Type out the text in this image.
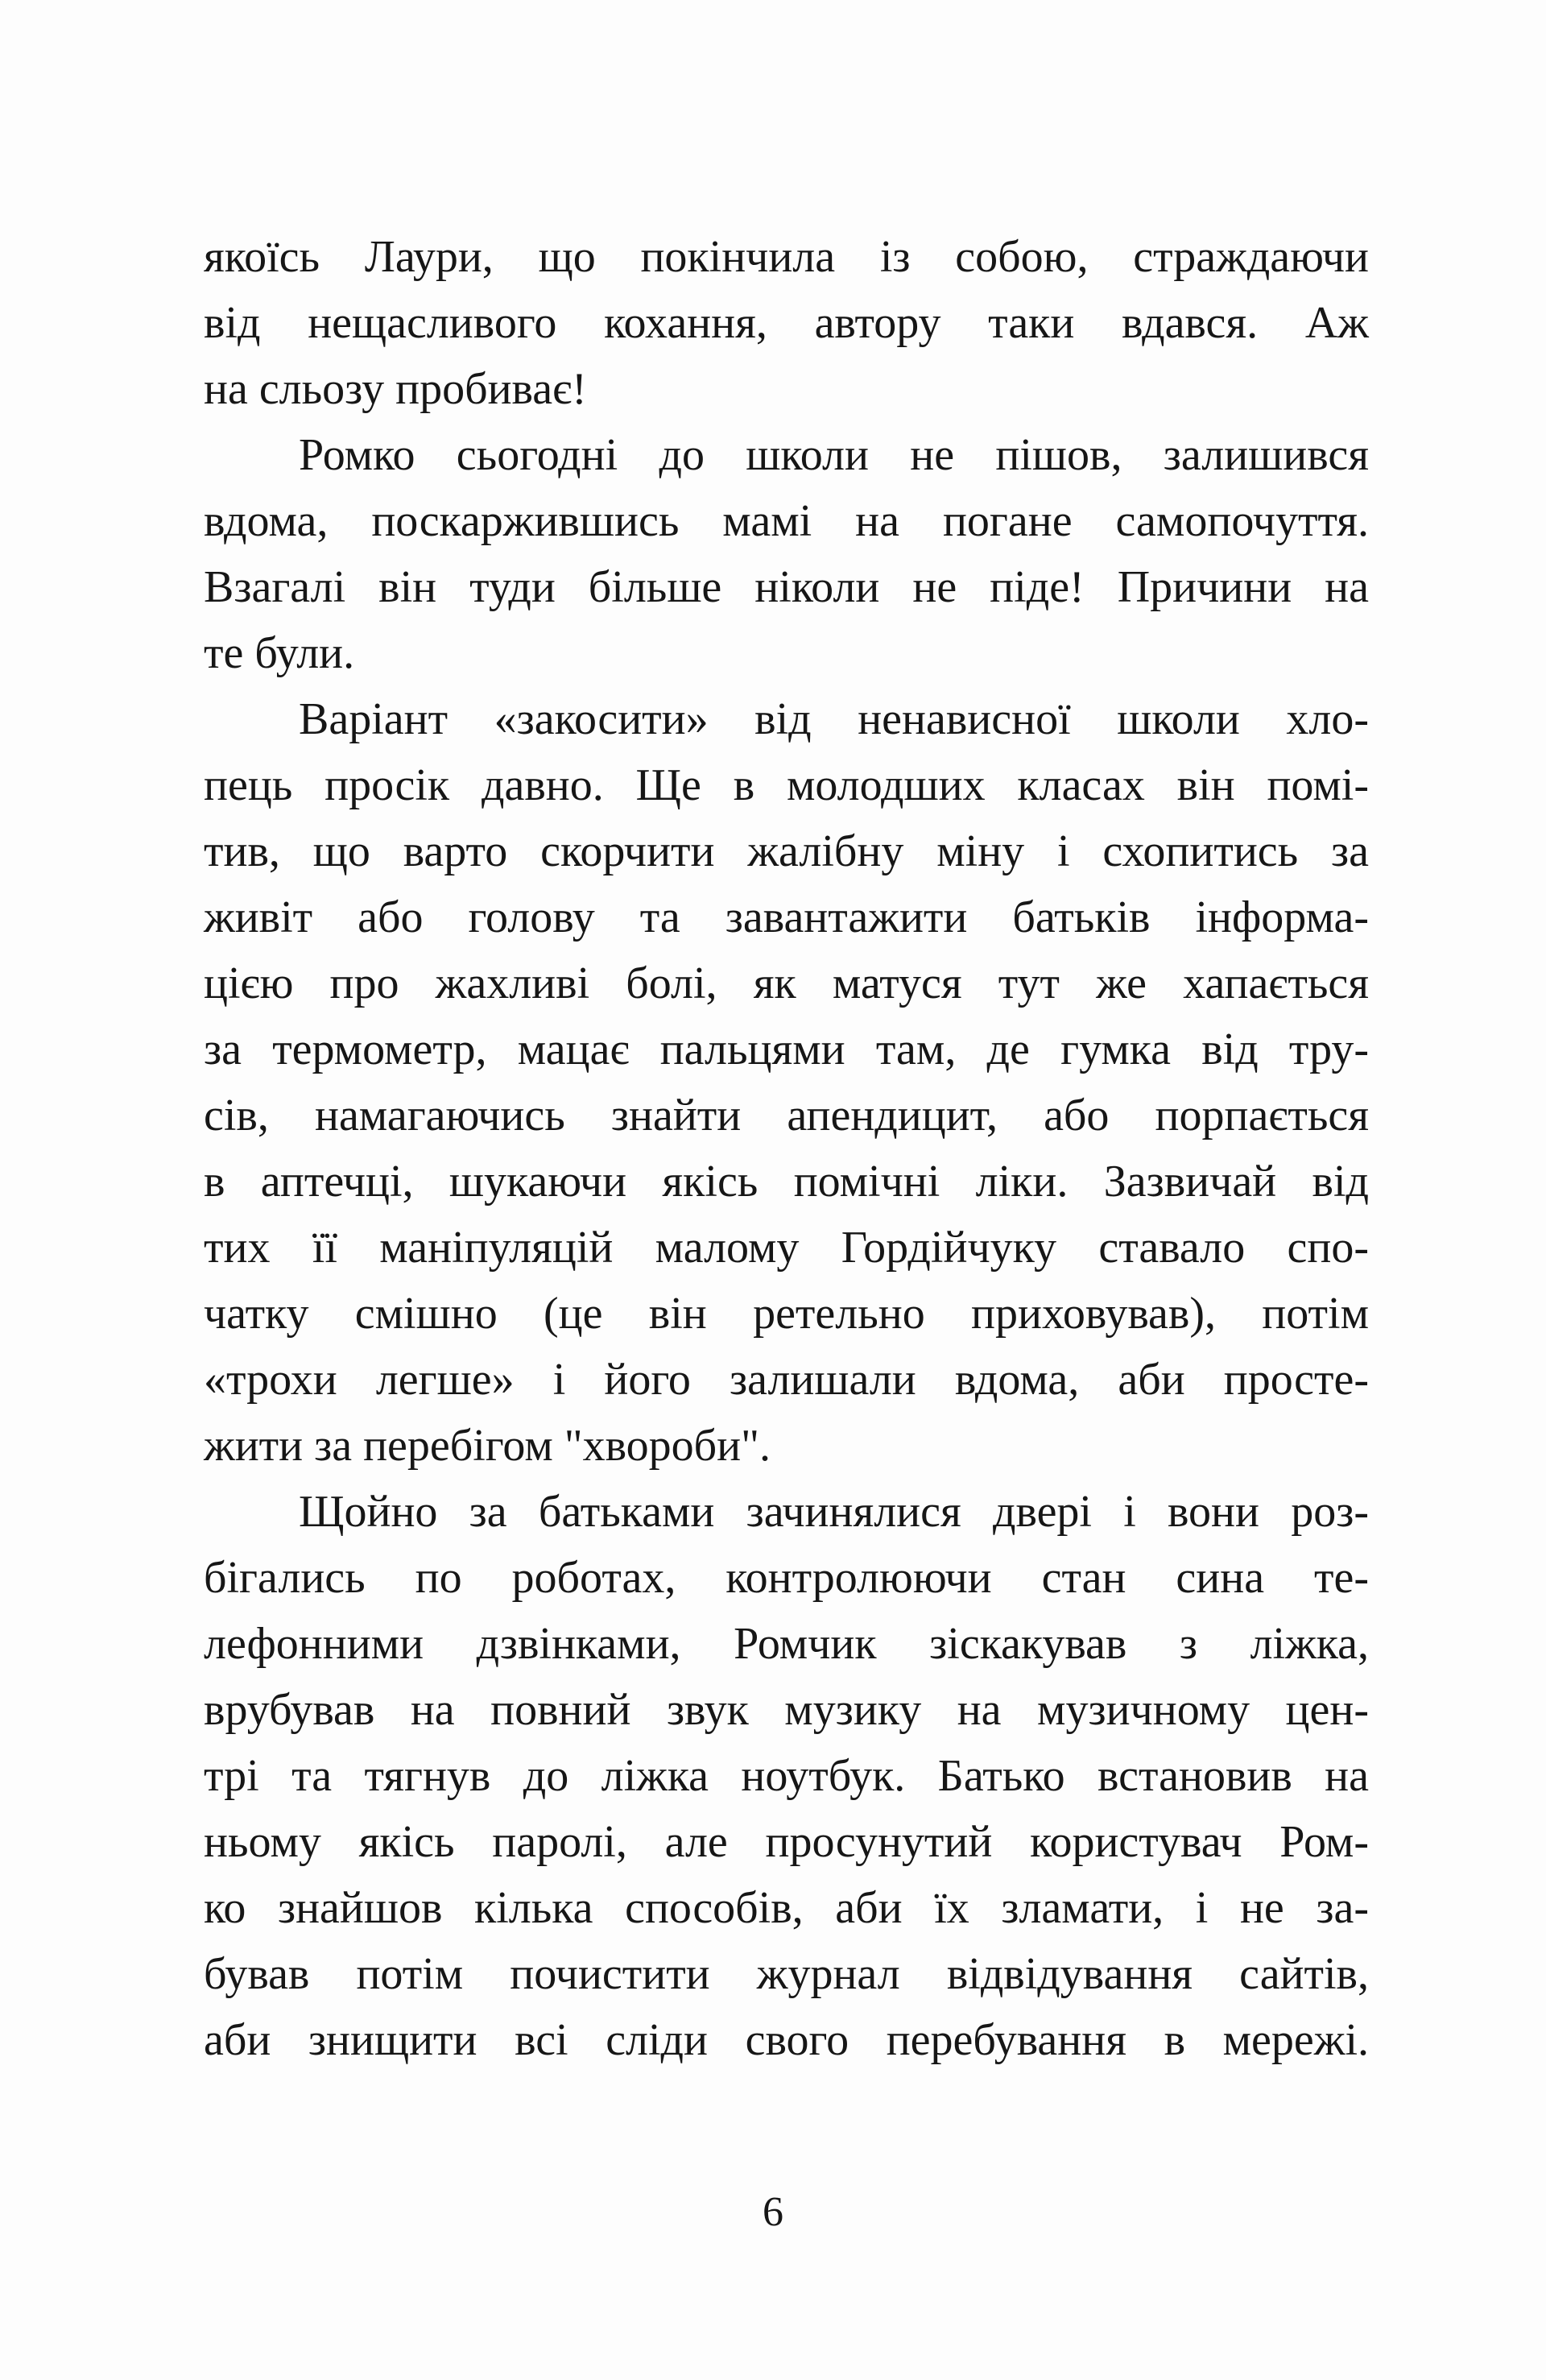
якоїсь Лаури, що покінчила із собою, страждаючи
від нещасливого кохання, автору таки вдався. Аж
на сльозу пробиває!
Ромко сьогодні до школи не пішов, залишився
вдома, поскаржившись мамі на погане самопочуття.
Взагалі він туди більше ніколи не піде! Причини на
те були.
Варіант «закосити» від ненависної школи хло-
пець просік давно. Ще в молодших класах він помі-
тив, що варто скорчити жалібну міну і схопитись за
живіт або голову та завантажити батьків інформа-
цією про жахливі болі, як матуся тут же хапається
за термометр, мацає пальцями там, де гумка від тру-
сів, намагаючись знайти апендицит, або порпається
в аптечці, шукаючи якісь помічні ліки. Зазвичай від
тих її маніпуляцій малому Гордійчуку ставало спо-
чатку смішно (це він ретельно приховував), потім
«трохи легше» і його залишали вдома, аби просте-
жити за перебігом "хвороби".
Щойно за батьками зачинялися двері і вони роз-
бігались по роботах, контролюючи стан сина те-
лефонними дзвінками, Ромчик зіскакував з ліжка,
врубував на повний звук музику на музичному цен-
трі та тягнув до ліжка ноутбук. Батько встановив на
ньому якісь паролі, але просунутий користувач Ром-
ко знайшов кілька способів, аби їх зламати, і не за-
бував потім почистити журнал відвідування сайтів,
аби знищити всі сліди свого перебування в мережі.
6
